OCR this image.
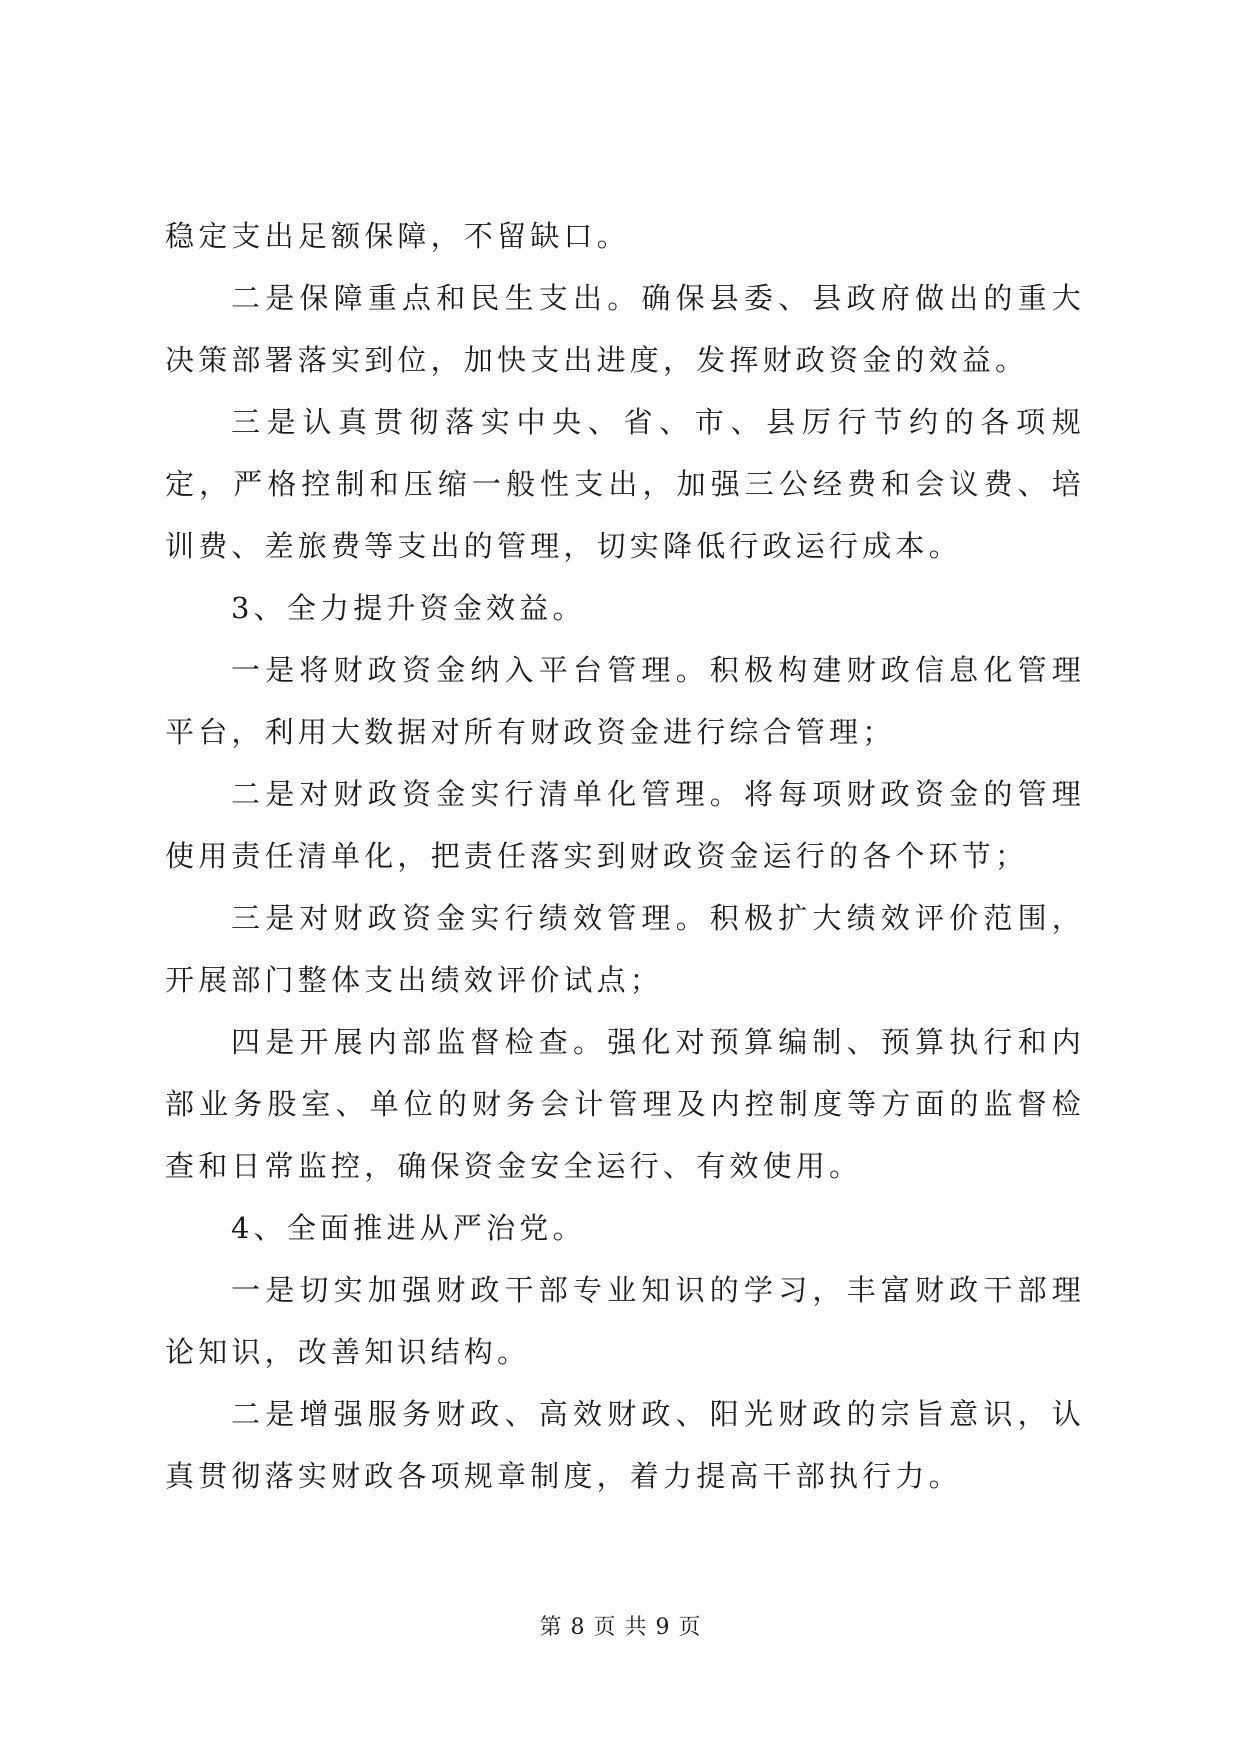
稳定支出足额保障，不留缺口。

二是保障重点和民生支出。确保县委、县政府做出的重大决策部署落实到位，加快支出进度，发挥财政资金的效益。

三是认真贯彻落实中央、省、市、县厉行节约的各项规定，严格控制和压缩一般性支出，加强三公经费和会议费、培训费、差旅费等支出的管理，切实降低行政运行成本。

3、全力提升资金效益。

一是将财政资金纳入平台管理。积极构建财政信息化管理平台，利用大数据对所有财政资金进行综合管理；

二是对财政资金实行清单化管理。将每项财政资金的管理使用责任清单化，把责任落实到财政资金运行的各个环节；

三是对财政资金实行绩效管理。积极扩大绩效评价范围，开展部门整体支出绩效评价试点；

四是开展内部监督检查。强化对预算编制、预算执行和内部业务股室、单位的财务会计管理及内控制度等方面的监督检查和日常监控，确保资金安全运行、有效使用。

4、全面推进从严治党。

一是切实加强财政干部专业知识的学习，丰富财政干部理论知识，改善知识结构。

二是增强服务财政、高效财政、阳光财政的宗旨意识，认真贯彻落实财政各项规章制度，着力提高干部执行力。

第 8 页 共 9 页
